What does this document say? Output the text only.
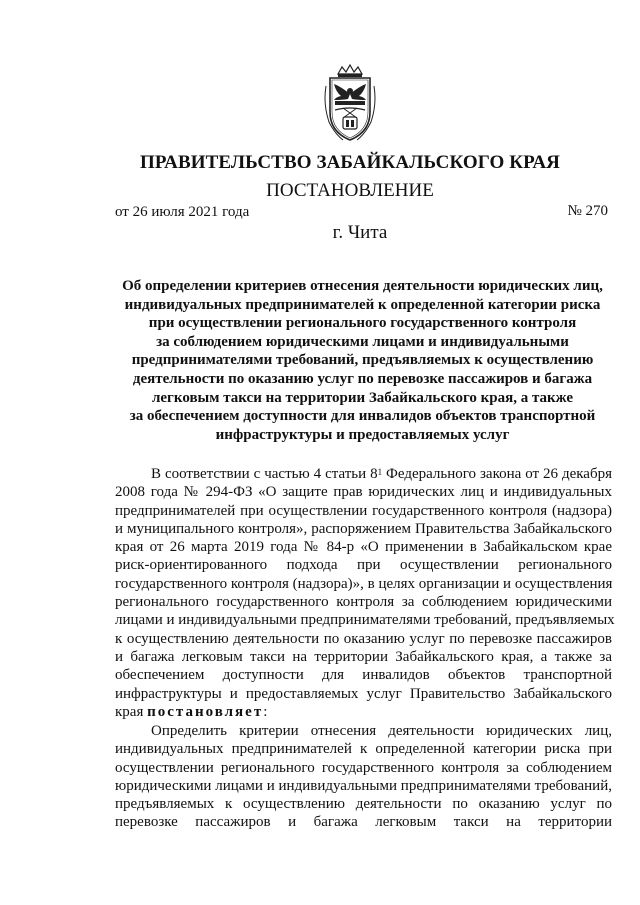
ПРАВИТЕЛЬСТВО ЗАБАЙКАЛЬСКОГО КРАЯ
ПОСТАНОВЛЕНИЕ
от 26 июля 2021 года	№ 270
г. Чита
Об определении критериев отнесения деятельности юридических лиц,
индивидуальных предпринимателей к определенной категории риска
при осуществлении регионального государственного контроля
за соблюдением юридическими лицами и индивидуальными
предпринимателями требований, предъявляемых к осуществлению
деятельности по оказанию услуг по перевозке пассажиров и багажа
легковым такси на территории Забайкальского края, а также
за обеспечением доступности для инвалидов объектов транспортной
инфраструктуры и предоставляемых услуг
В соответствии с частью 4 статьи $8^1$ Федерального закона от 26 декабря
2008 года № 294-ФЗ «О защите прав юридических лиц и индивидуальных
предпринимателей при осуществлении государственного контроля (надзора)
и муниципального контроля», распоряжением Правительства Забайкальского
края от 26 марта 2019 года № 84-р «О применении в Забайкальском крае
риск-ориентированного подхода при осуществлении регионального
государственного контроля (надзора)», в целях организации и осуществления
регионального государственного контроля за соблюдением юридическими
лицами и индивидуальными предпринимателями требований, предъявляемых
к осуществлению деятельности по оказанию услуг по перевозке пассажиров
и багажа легковым такси на территории Забайкальского края, а также за
обеспечением доступности для инвалидов объектов транспортной
инфраструктуры и предоставляемых услуг Правительство Забайкальского
края постановляет:
Определить критерии отнесения деятельности юридических лиц,
индивидуальных предпринимателей к определенной категории риска при
осуществлении регионального государственного контроля за соблюдением
юридическими лицами и индивидуальными предпринимателями требований,
предъявляемых к осуществлению деятельности по оказанию услуг по
перевозке пассажиров и багажа легковым такси на территории
